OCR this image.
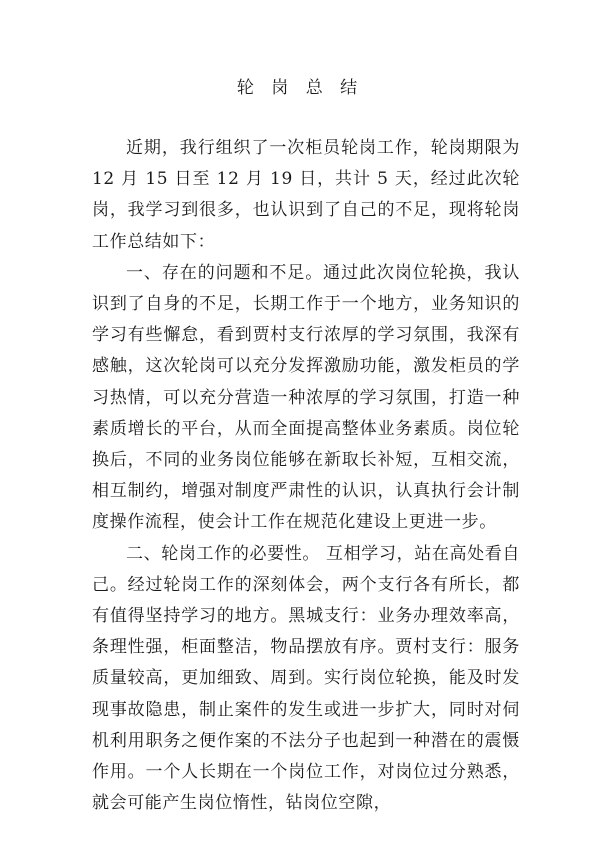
轮 岗 总 结

近期，我行组织了一次柜员轮岗工作，轮岗期限为 12 月 15 日至 12 月 19 日，共计 5 天，经过此次轮岗，我学习到很多，也认识到了自己的不足，现将轮岗工作总结如下：

一、存在的问题和不足。通过此次岗位轮换，我认识到了自身的不足，长期工作于一个地方，业务知识的学习有些懈怠，看到贾村支行浓厚的学习氛围，我深有感触，这次轮岗可以充分发挥激励功能，激发柜员的学习热情，可以充分营造一种浓厚的学习氛围，打造一种素质增长的平台，从而全面提高整体业务素质。岗位轮换后，不同的业务岗位能够在新取长补短，互相交流，相互制约，增强对制度严肃性的认识，认真执行会计制度操作流程，使会计工作在规范化建设上更进一步。

二、轮岗工作的必要性。 互相学习，站在高处看自己。经过轮岗工作的深刻体会，两个支行各有所长，都有值得坚持学习的地方。黑城支行：业务办理效率高，条理性强，柜面整洁，物品摆放有序。贾村支行：服务质量较高，更加细致、周到。实行岗位轮换，能及时发现事故隐患，制止案件的发生或进一步扩大，同时对伺机利用职务之便作案的不法分子也起到一种潜在的震慑作用。一个人长期在一个岗位工作，对岗位过分熟悉，就会可能产生岗位惰性，钻岗位空隙，
